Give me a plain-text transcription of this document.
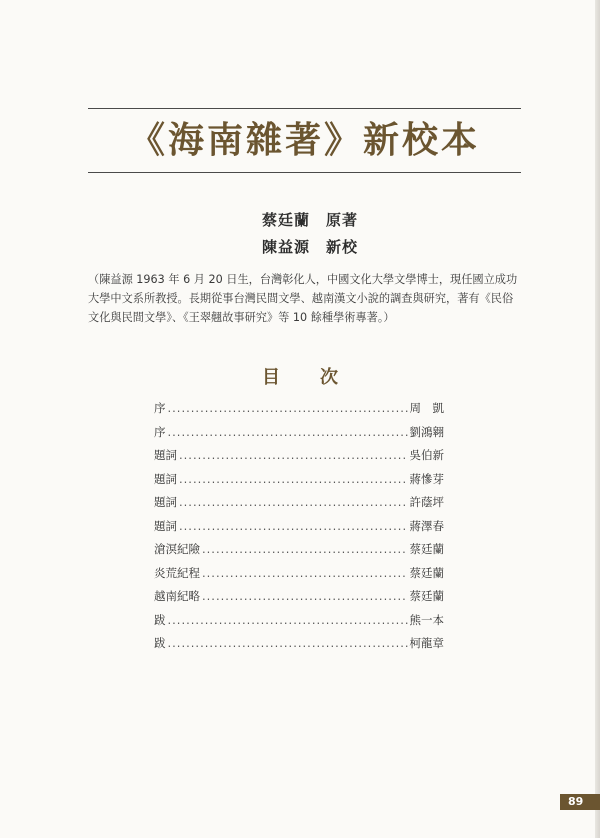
《海南雜著》新校本
蔡廷蘭　 原著
陳益源　 新校

（陳益源 1963 年 6 月 20 日生，台灣彰化人，中國文化大學文學博士，現任國立成功大學中文系所教授。長期從事台灣民間文學、越南漢文小說的調查與研究，著有《民俗文化與民間文學》、《王翠翹故事研究》等 10 餘種學術專著。）

目次
序 .....	周　凱
序 .....	劉鴻翱
題詞 .....	吳伯新
題詞 .....	蔣慘芽
題詞 .....	許蔭坪
題詞 .....	蔣澤春
滄溟紀險 .....	蔡廷蘭
炎荒紀程 .....	蔡廷蘭
越南紀略 .....	蔡廷蘭
跋 .....	熊一本
跋 .....	柯龍章
89
